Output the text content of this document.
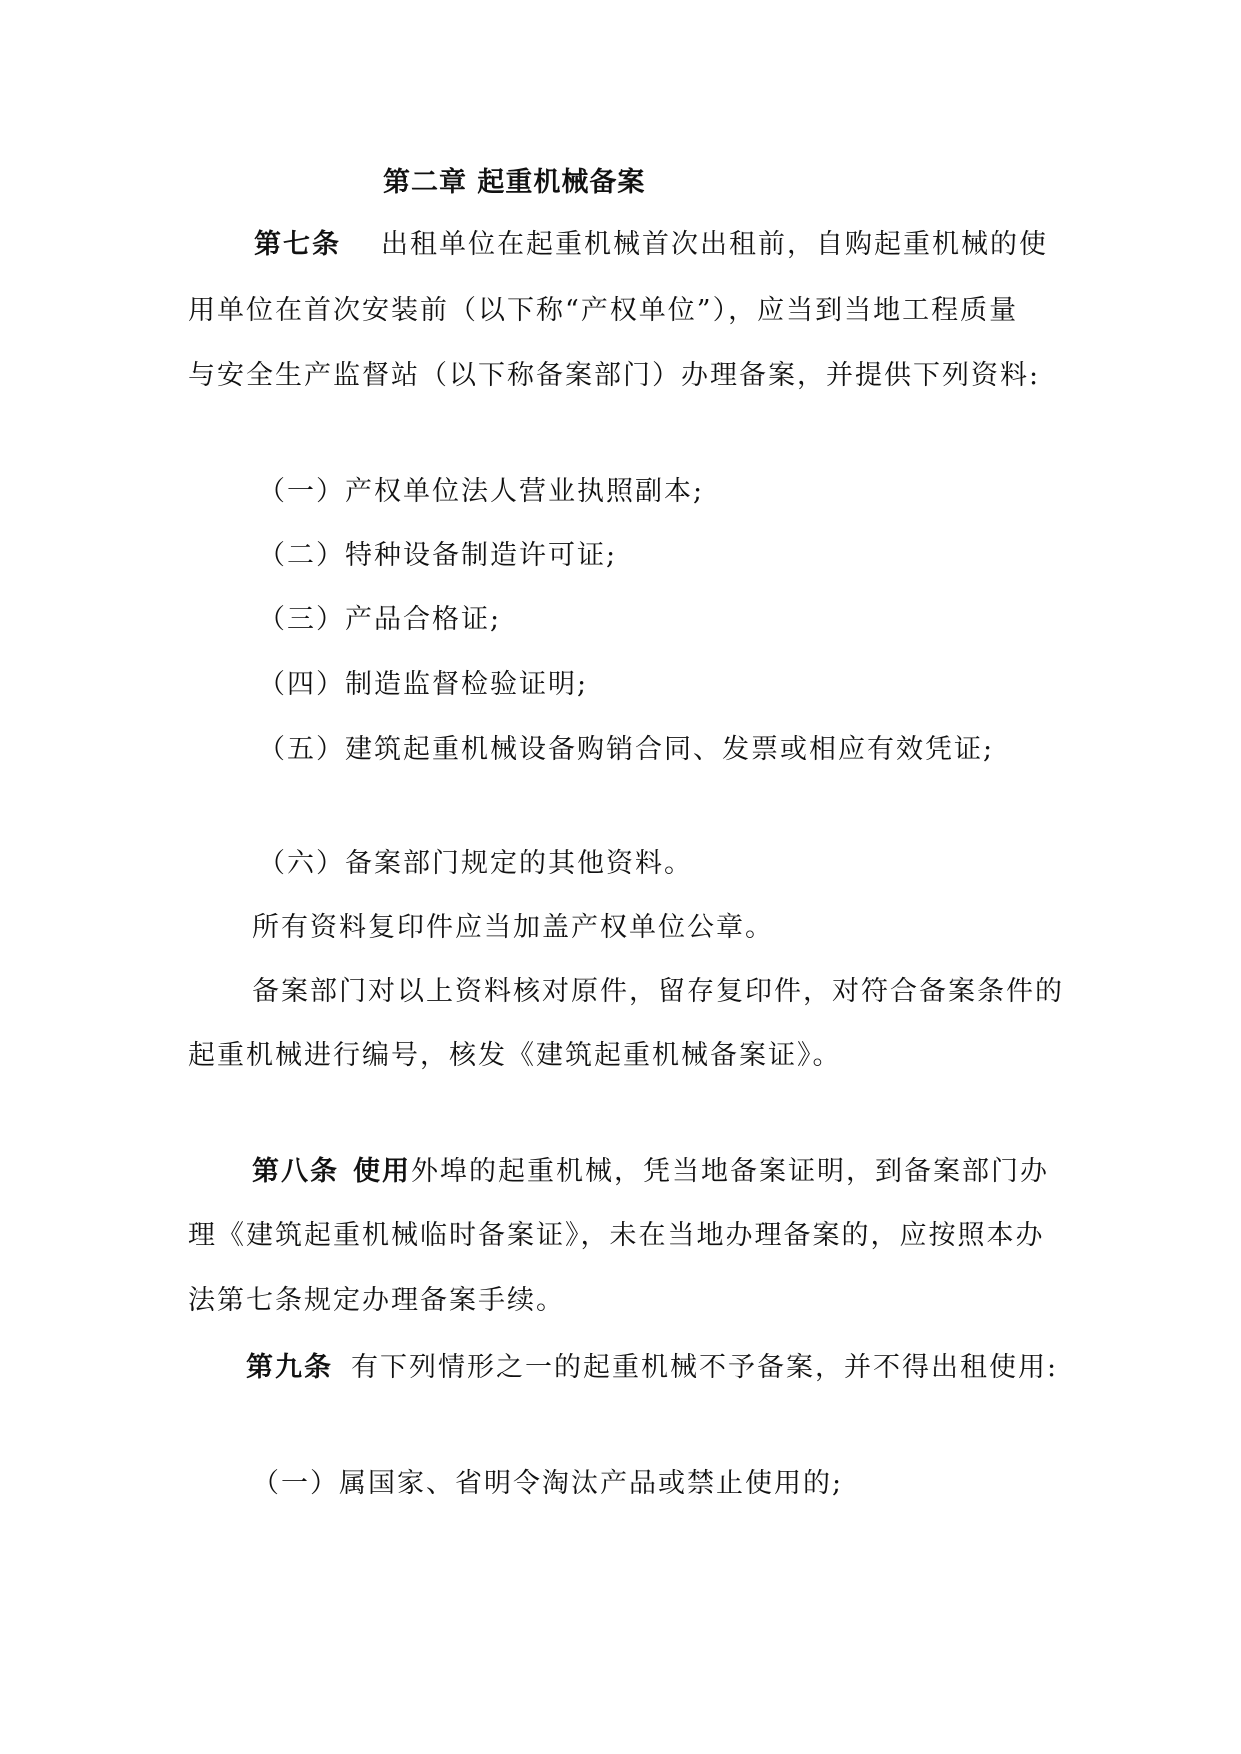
第二章 起重机械备案
第七条 出租单位在起重机械首次出租前，自购起重机械的使
用单位在首次安装前（以下称“产权单位”），应当到当地工程质量
与安全生产监督站（以下称备案部门）办理备案，并提供下列资料:
（一）产权单位法人营业执照副本;
（二）特种设备制造许可证;
（三）产品合格证;
（四）制造监督检验证明;
（五）建筑起重机械设备购销合同、发票或相应有效凭证;
（六）备案部门规定的其他资料。
所有资料复印件应当加盖产权单位公章。
备案部门对以上资料核对原件，留存复印件，对符合备案条件的
起重机械进行编号，核发《建筑起重机械备案证》。
第八条 使用外埠的起重机械，凭当地备案证明，到备案部门办
理《建筑起重机械临时备案证》，未在当地办理备案的，应按照本办
法第七条规定办理备案手续。
第九条 有下列情形之一的起重机械不予备案，并不得出租使用:
（一）属国家、省明令淘汰产品或禁止使用的;
